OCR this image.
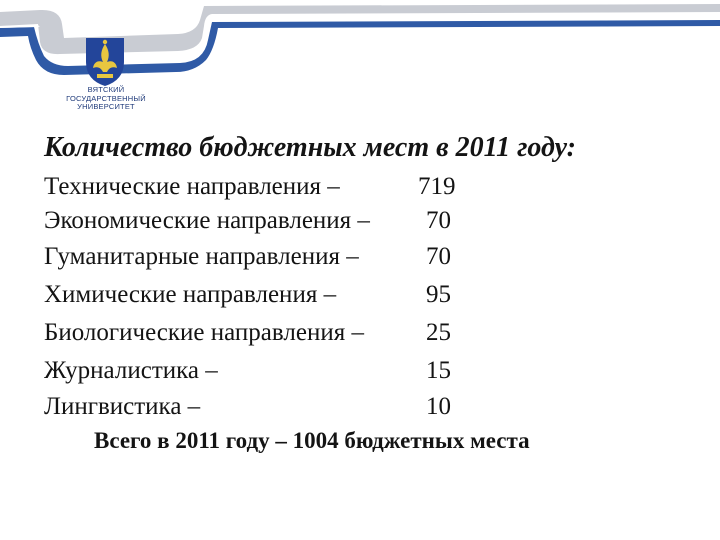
ВЯТСКИЙ
ГОСУДАРСТВЕННЫЙ
УНИВЕРСИТЕТ
Количество бюджетных мест в 2011 году:
Технические направления –	719
Экономические направления – 70
Гуманитарные направления –	70
Химические направления –	95
Биологические направления – 25
Журналистика –	15
Лингвистика –	10
Всего в 2011 году – 1004 бюджетных места
